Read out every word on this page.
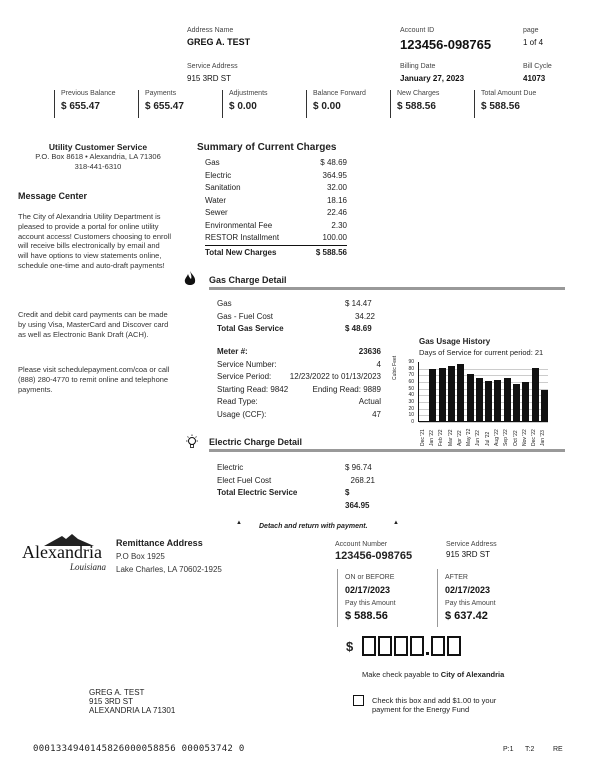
Address Name
GREG A. TEST
Service Address
915 3RD ST
Account ID
123456-098765
page
1 of 4
Billing Date
January 27, 2023
Bill Cycle
41073
Previous Balance
$ 655.47
Payments
$ 655.47
Adjustments
$ 0.00
Balance Forward
$ 0.00
New Charges
$ 588.56
Total Amount Due
$ 588.56
Utility Customer Service
P.O. Box 8618 • Alexandria, LA 71306
318-441-6310
Message Center
The City of Alexandria Utility Department is pleased to provide a portal for online utility account access! Customers choosing to enroll will receive bills electronically by email and will have options to view statements online, schedule one-time and auto-draft payments!
Credit and debit card payments can be made by using Visa, MasterCard and Discover card as well as Electronic Bank Draft (ACH).
Please visit schedulepayment.com/coa or call (888) 280-4770 to remit online and telephone payments.
Summary of Current Charges
Gas	$ 48.69
Electric	364.95
Sanitation	32.00
Water	18.16
Sewer	22.46
Environmental Fee	2.30
RESTOR Installment	100.00
Total New Charges	$ 588.56
Gas Charge Detail
Gas	$ 14.47
Gas - Fuel Cost	34.22
Total Gas Service	$ 48.69
Meter #:	23636
Service Number:	4
Service Period: 12/23/2022 to 01/13/2023
Starting Read: 9842	Ending Read: 9889
Read Type:	Actual
Usage (CCF):	47
Gas Usage History
Days of Service for current period: 21
Cubic Feet 90
80
70
60
50
40
30
20
10
0
Dec '21 Jan '22 Feb '22 Mar '22 Apr '22 May '22 Jun '22 Jul '22 Aug '22 Sep '22 Oct '22 Nov '22 Dec '22 Jan '23
Electric Charge Detail
Electric	$ 96.74
Elect Fuel Cost	268.21
Total Electric Service	$ 364.95
▲ Detach and return with payment.	▲
Alexandria
Louisiana
Remittance Address
P.O Box 1925
Lake Charles, LA 70602-1925
Account Number
123456-098765
Service Address
915 3RD ST
ON or BEFORE
02/17/2023
Pay this Amount
$ 588.56
AFTER
02/17/2023
Pay this Amount
$ 637.42
$
Make check payable to City of Alexandria
Check this box and add $1.00 to your payment for the Energy Fund
GREG A. TEST
915 3RD ST
ALEXANDRIA LA 71301
0001334940145826000058856 000053742 0	P:1 T:2	RE
